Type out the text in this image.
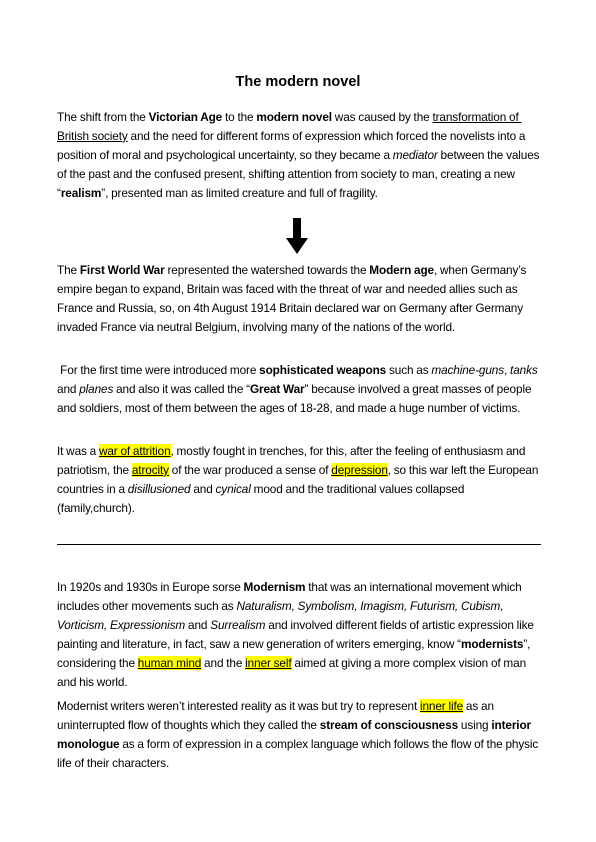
The modern novel

The shift from the Victorian Age to the modern novel was caused by the transformation of British society and the need for different forms of expression which forced the novelists into a position of moral and psychological uncertainty, so they became a mediator between the values of the past and the confused present, shifting attention from society to man, creating a new “realism”, presented man as limited creature and full of fragility.

The First World War represented the watershed towards the Modern age, when Germany’s empire began to expand, Britain was faced with the threat of war and needed allies such as France and Russia, so, on 4th August 1914 Britain declared war on Germany after Germany invaded France via neutral Belgium, involving many of the nations of the world.

For the first time were introduced more sophisticated weapons such as machine-guns, tanks and planes and also it was called the “Great War” because involved a great masses of people and soldiers, most of them between the ages of 18-28, and made a huge number of victims.

It was a war of attrition, mostly fought in trenches, for this, after the feeling of enthusiasm and patriotism, the atrocity of the war produced a sense of depression, so this war left the European countries in a disillusioned and cynical mood and the traditional values collapsed (family,church).

In 1920s and 1930s in Europe sorse Modernism that was an international movement which includes other movements such as Naturalism, Symbolism, Imagism, Futurism, Cubism, Vorticism, Expressionism and Surrealism and involved different fields of artistic expression like painting and literature, in fact, saw a new generation of writers emerging, know “modernists”, considering the human mind and the inner self aimed at giving a more complex vision of man and his world.

Modernist writers weren’t interested reality as it was but try to represent inner life as an uninterrupted flow of thoughts which they called the stream of consciousness using interior monologue as a form of expression in a complex language which follows the flow of the physic life of their characters.
